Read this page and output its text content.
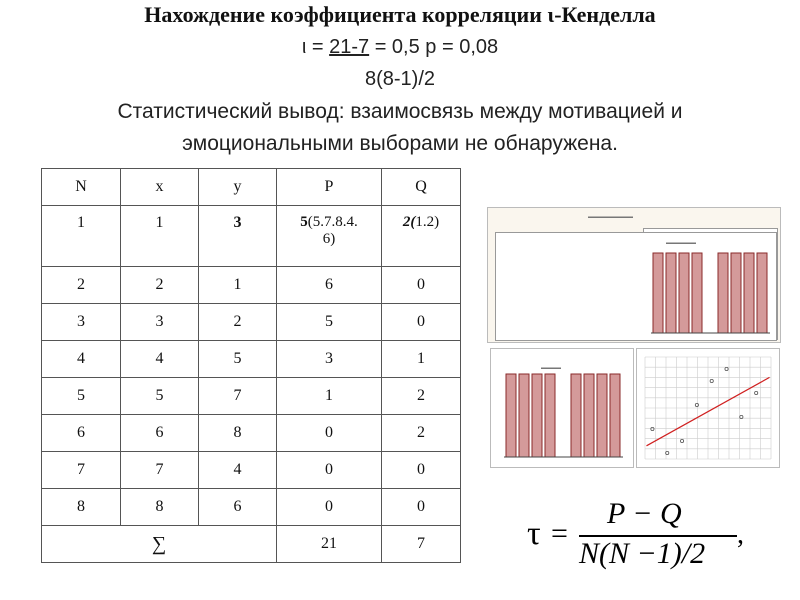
Нахождение коэффициента корреляции ι-Кенделла
ι = 21-7 = 0,5 р = 0,08
8(8-1)/2
Статистический вывод: взаимосвязь между мотивацией и
эмоциональными выборами не обнаружена.
N	x	y	P	Q
1	1	3	5(5.7.8.4.
6)	2(1.2)
2	2	1	6	0
3	3	2	5	0
4	4	5	3	1
5	5	7	1	2
6	6	8	0	2
7	7	4	0	0
8	8	6	0	0
∑			21	7
▬▬▬▬▬▬▬▬▬
▬▬▬▬▬▬
▬▬▬▬
τ =
P − Q
N(N −1)/2
,
